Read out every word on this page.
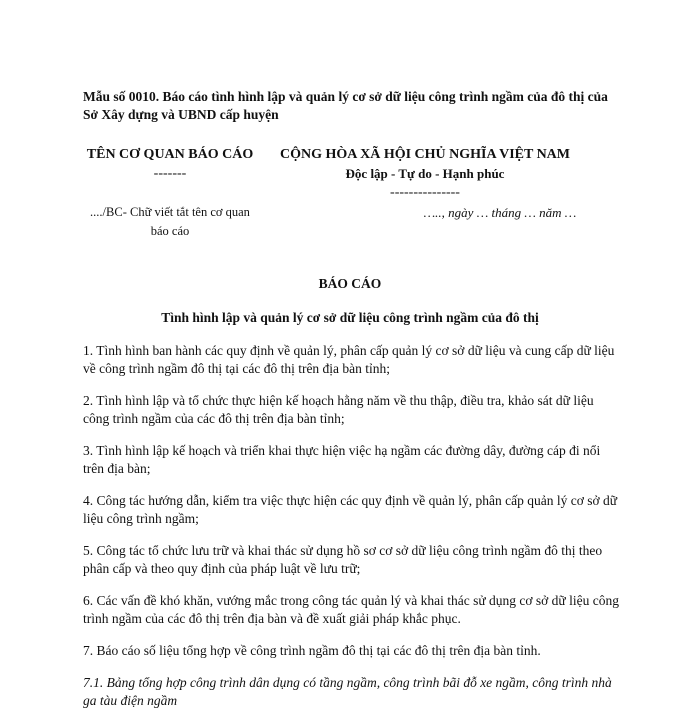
Mẫu số 0010. Báo cáo tình hình lập và quản lý cơ sở dữ liệu công trình ngầm của đô thị của Sở Xây dựng và UBND cấp huyện

TÊN CƠ QUAN BÁO CÁO
-------
CỘNG HÒA XÃ HỘI CHỦ NGHĨA VIỆT NAM
Độc lập - Tự do - Hạnh phúc
---------------
..../BC- Chữ viết tắt tên cơ quan
báo cáo
….., ngày … tháng … năm …
BÁO CÁO
Tình hình lập và quản lý cơ sở dữ liệu công trình ngầm của đô thị

1. Tình hình ban hành các quy định về quản lý, phân cấp quản lý cơ sở dữ liệu và cung cấp dữ liệu về công trình ngầm đô thị tại các đô thị trên địa bàn tỉnh;

2. Tình hình lập và tổ chức thực hiện kế hoạch hằng năm về thu thập, điều tra, khảo sát dữ liệu công trình ngầm của các đô thị trên địa bàn tỉnh;

3. Tình hình lập kế hoạch và triển khai thực hiện việc hạ ngầm các đường dây, đường cáp đi nổi trên địa bàn;

4. Công tác hướng dẫn, kiểm tra việc thực hiện các quy định về quản lý, phân cấp quản lý cơ sở dữ liệu công trình ngầm;

5. Công tác tổ chức lưu trữ và khai thác sử dụng hồ sơ cơ sở dữ liệu công trình ngầm đô thị theo phân cấp và theo quy định của pháp luật về lưu trữ;

6. Các vấn đề khó khăn, vướng mắc trong công tác quản lý và khai thác sử dụng cơ sở dữ liệu công trình ngầm của các đô thị trên địa bàn và đề xuất giải pháp khắc phục.

7. Báo cáo số liệu tổng hợp về công trình ngầm đô thị tại các đô thị trên địa bàn tỉnh.

7.1. Bảng tổng hợp công trình dân dụng có tầng ngầm, công trình bãi đỗ xe ngầm, công trình nhà ga tàu điện ngầm
